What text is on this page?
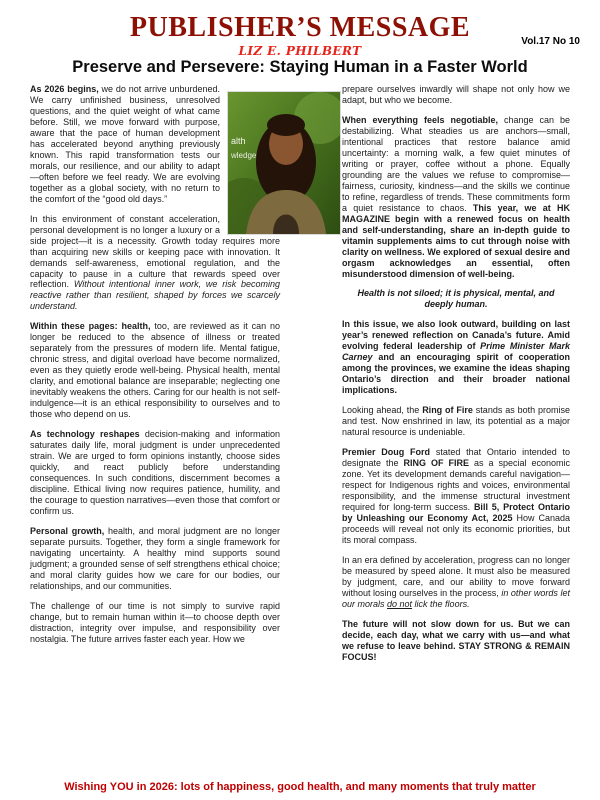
PUBLISHER’S MESSAGE	Vol.17 No 10
LIZ E. PHILBERT
Preserve and Persevere: Staying Human in a Faster World
alth
wledge

As 2026 begins, we do not arrive unburdened. We carry unfinished business, unresolved questions, and the quiet weight of what came before. Still, we move forward with purpose, aware that the pace of human development has accelerated beyond anything previously known. This rapid transformation tests our morals, our resilience, and our ability to adapt—often before we feel ready. We are evolving together as a global society, with no return to the comfort of the “good old days.”

In this environment of constant acceleration, personal development is no longer a luxury or a side project—it is a necessity. Growth today requires more than acquiring new skills or keeping pace with innovation. It demands self-awareness, emotional regulation, and the capacity to pause in a culture that rewards speed over reflection. Without intentional inner work, we risk becoming reactive rather than resilient, shaped by forces we scarcely understand.

Within these pages: health, too, are reviewed as it can no longer be reduced to the absence of illness or treated separately from the pressures of modern life. Mental fatigue, chronic stress, and digital overload have become normalized, even as they quietly erode well-being. Physical health, mental clarity, and emotional balance are inseparable; neglecting one inevitably weakens the others. Caring for our health is not self-indulgence—it is an ethical responsibility to ourselves and to those who depend on us.

As technology reshapes decision-making and information saturates daily life, moral judgment is under unprecedented strain. We are urged to form opinions instantly, choose sides quickly, and react publicly before understanding consequences. In such conditions, discernment becomes a discipline. Ethical living now requires patience, humility, and the courage to question narratives—even those that comfort or confirm us.

Personal growth, health, and moral judgment are no longer separate pursuits. Together, they form a single framework for navigating uncertainty. A healthy mind supports sound judgment; a grounded sense of self strengthens ethical choice; and moral clarity guides how we care for our bodies, our relationships, and our communities.

The challenge of our time is not simply to survive rapid change, but to remain human within it—to choose depth over distraction, integrity over impulse, and responsibility over nostalgia. The future arrives faster each year. How we

prepare ourselves inwardly will shape not only how we adapt, but who we become.

When everything feels negotiable, change can be destabilizing. What steadies us are anchors—small, intentional practices that restore balance amid uncertainty: a morning walk, a few quiet minutes of writing or prayer, coffee without a phone. Equally grounding are the values we refuse to compromise—fairness, curiosity, kindness—and the skills we continue to refine, regardless of trends. These commitments form a quiet resistance to chaos. This year, we at HK MAGAZINE begin with a renewed focus on health and self-understanding, share an in-depth guide to vitamin supplements aims to cut through noise with clarity on wellness. We explored of sexual desire and orgasm acknowledges an essential, often misunderstood dimension of well-being.

Health is not siloed; it is physical, mental, and deeply human.

In this issue, we also look outward, building on last year’s renewed reflection on Canada’s future. Amid evolving federal leadership of Prime Minister Mark Carney and an encouraging spirit of cooperation among the provinces, we examine the ideas shaping Ontario’s direction and their broader national implications.

Looking ahead, the Ring of Fire stands as both promise and test. Now enshrined in law, its potential as a major natural resource is undeniable.

Premier Doug Ford stated that Ontario intended to designate the RING OF FIRE as a special economic zone. Yet its development demands careful navigation—respect for Indigenous rights and voices, environmental responsibility, and the immense structural investment required for long-term success. Bill 5, Protect Ontario by Unleashing our Economy Act, 2025 How Canada proceeds will reveal not only its economic priorities, but its moral compass.

In an era defined by acceleration, progress can no longer be measured by speed alone. It must also be measured by judgment, care, and our ability to move forward without losing ourselves in the process, in other words let our morals do not lick the floors.

The future will not slow down for us. But we can decide, each day, what we carry with us—and what we refuse to leave behind. STAY STRONG & REMAIN FOCUS!

Wishing YOU in 2026: lots of happiness, good health, and many moments that truly matter
